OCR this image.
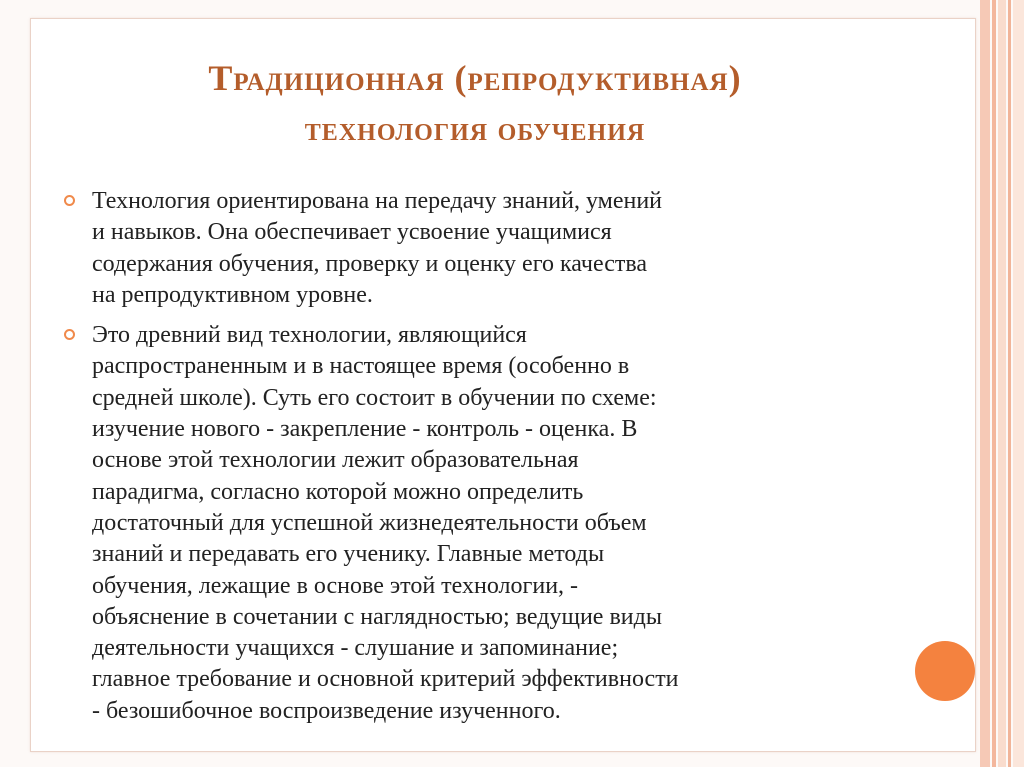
Традиционная (репродуктивная)
технология обучения
Технология ориентирована на передачу знаний, умений
и навыков. Она обеспечивает усвоение учащимися
содержания обучения, проверку и оценку его качества
на репродуктивном уровне.
Это древний вид технологии, являющийся
распространенным и в настоящее время (особенно в
средней школе). Суть его состоит в обучении по схеме:
изучение нового - закрепление - контроль - оценка. В
основе этой технологии лежит образовательная
парадигма, согласно которой можно определить
достаточный для успешной жизнедеятельности объем
знаний и передавать его ученику. Главные методы
обучения, лежащие в основе этой технологии, -
объяснение в сочетании с наглядностью; ведущие виды
деятельности учащихся - слушание и запоминание;
главное требование и основной критерий эффективности
- безошибочное воспроизведение изученного.
